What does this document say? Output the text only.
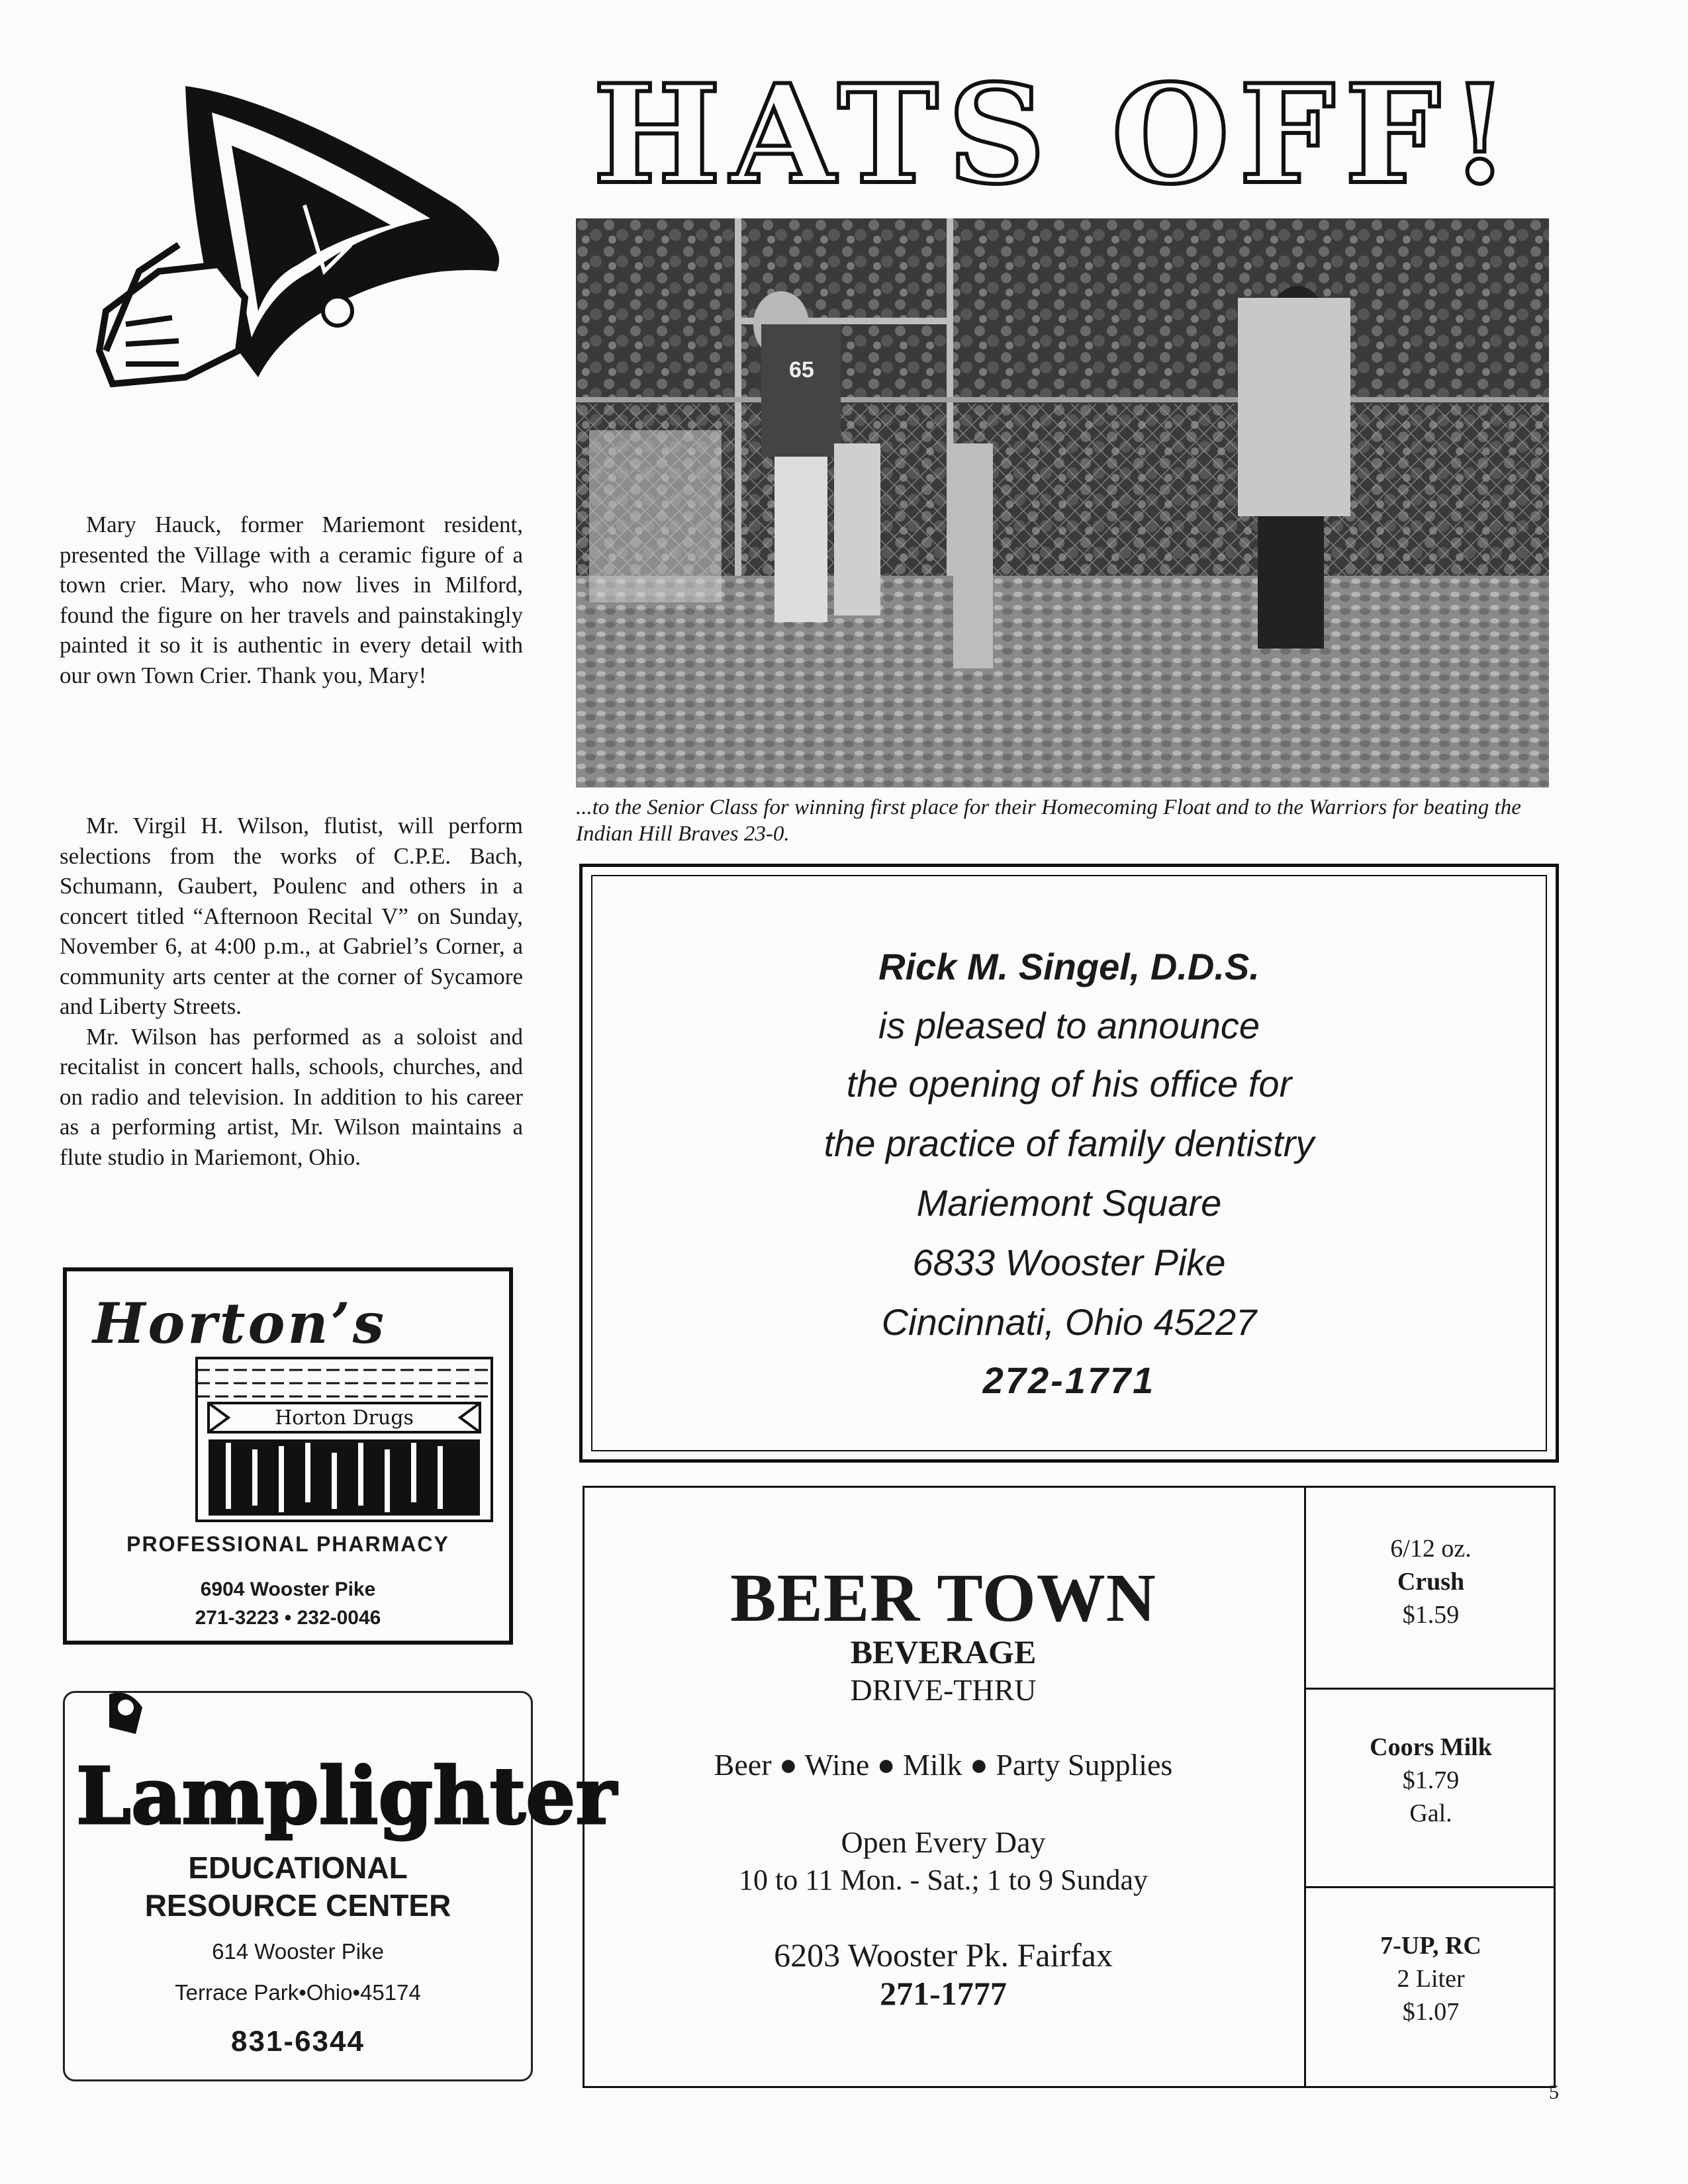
HATS OFF!
65
...to the Senior Class for winning first place for their Homecoming Float and to the Warriors for beating the Indian Hill Braves 23-0.

Mary Hauck, former Mariemont resident, presented the Village with a ceramic figure of a town crier. Mary, who now lives in Milford, found the figure on her travels and painstakingly painted it so it is authentic in every detail with our own Town Crier. Thank you, Mary!

Mr. Virgil H. Wilson, flutist, will perform selections from the works of C.P.E. Bach, Schumann, Gaubert, Poulenc and others in a concert titled “Afternoon Recital V” on Sunday, November 6, at 4:00 p.m., at Gabriel’s Corner, a community arts center at the corner of Sycamore and Liberty Streets.

Mr. Wilson has performed as a soloist and recitalist in concert halls, schools, churches, and on radio and television. In addition to his career as a performing artist, Mr. Wilson maintains a flute studio in Mariemont, Ohio.

Horton’s
Horton Drugs
PROFESSIONAL PHARMACY
6904 Wooster Pike
271-3223 • 232-0046
Lamplighter
EDUCATIONAL
RESOURCE CENTER
614 Wooster Pike
Terrace Park•Ohio•45174
831-6344
Rick M. Singel, D.D.S.
is pleased to announce
the opening of his office for
the practice of family dentistry
Mariemont Square
6833 Wooster Pike
Cincinnati, Ohio 45227
272-1771
BEER TOWN
BEVERAGE
DRIVE-THRU
Beer ● Wine ● Milk ● Party Supplies
Open Every Day
10 to 11 Mon. - Sat.; 1 to 9 Sunday
6203 Wooster Pk. Fairfax
271-1777
6/12 oz.
Crush
$1.59
Coors Milk
$1.79
Gal.
7-UP, RC
2 Liter
$1.07
5
